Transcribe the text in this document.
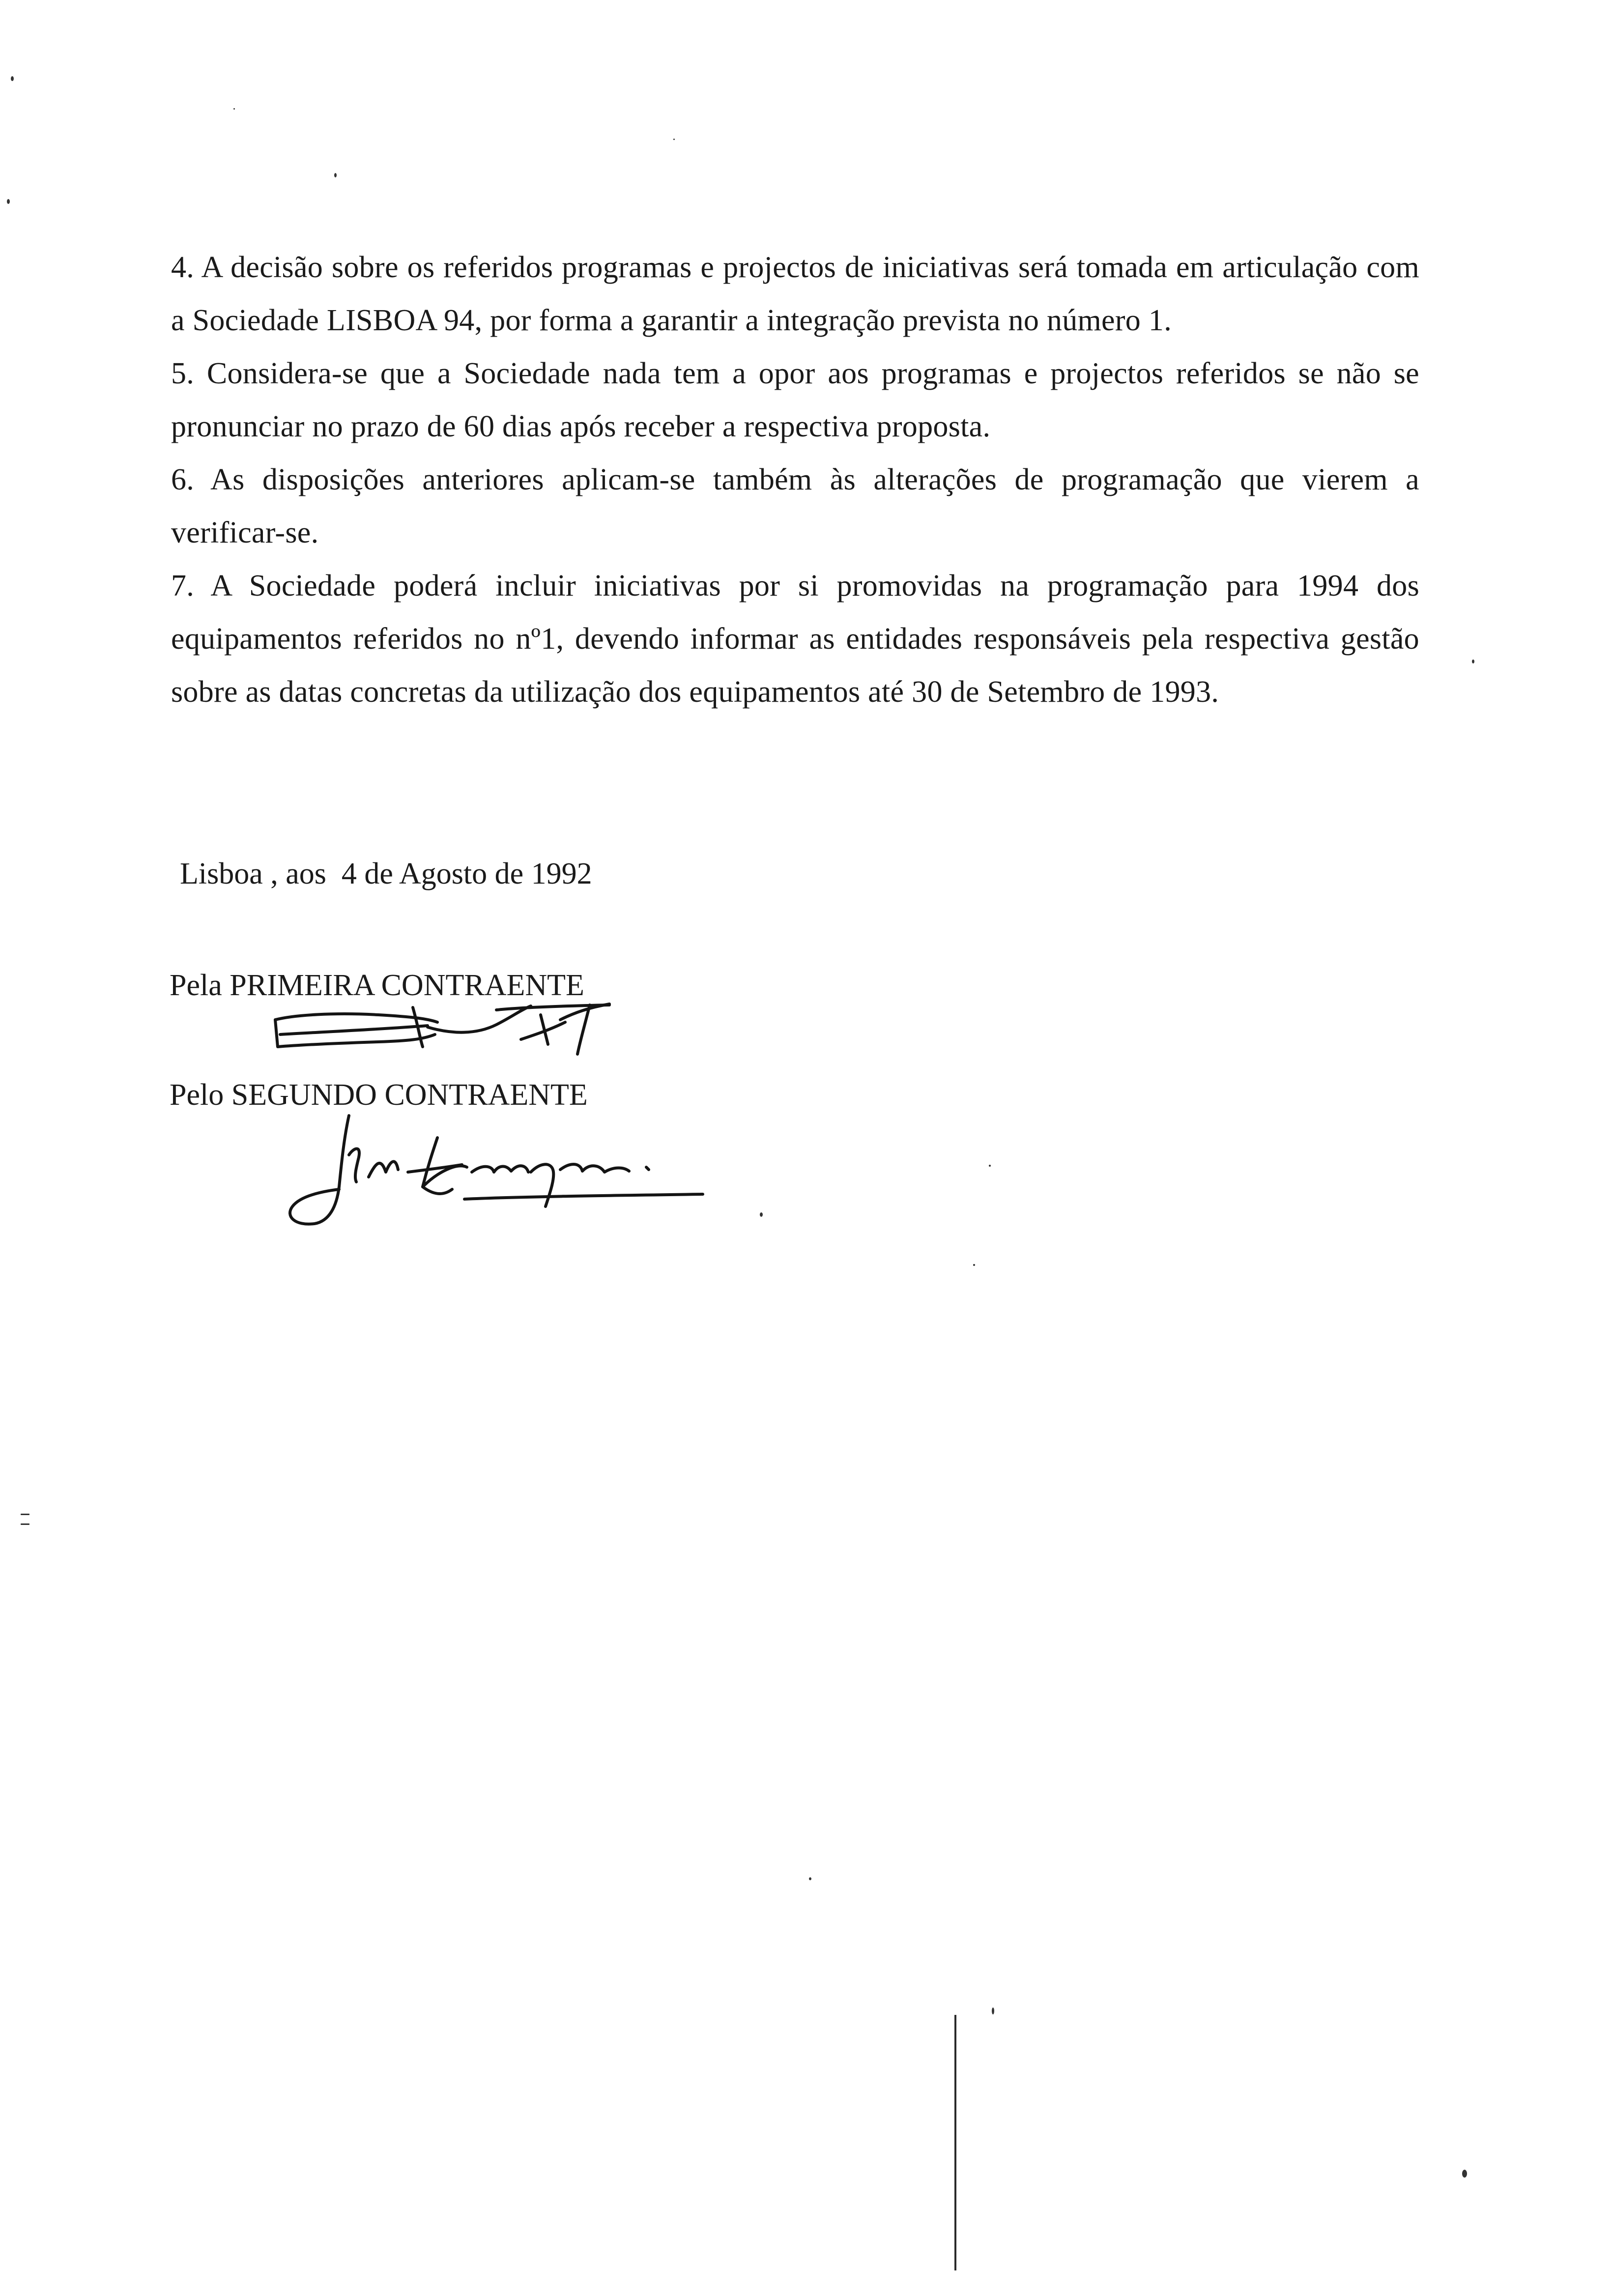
4. A decisão sobre os referidos programas e projectos de iniciativas será tomada em articulação com a Sociedade LISBOA 94, por forma a garantir a integração prevista no número 1.

5. Considera-se que a Sociedade nada tem a opor aos programas e projectos referidos se não se pronunciar no prazo de 60 dias após receber a respectiva proposta.

6. As disposições anteriores aplicam-se também às alterações de programação que vierem a verificar-se.

7. A Sociedade poderá incluir iniciativas por si promovidas na programação para 1994 dos equipamentos referidos no nº1, devendo informar as entidades responsáveis pela respectiva gestão sobre as datas concretas da utilização dos equipamentos até 30 de Setembro de 1993.

Lisboa , aos  4 de Agosto de 1992
Pela PRIMEIRA CONTRAENTE
Pelo SEGUNDO CONTRAENTE
